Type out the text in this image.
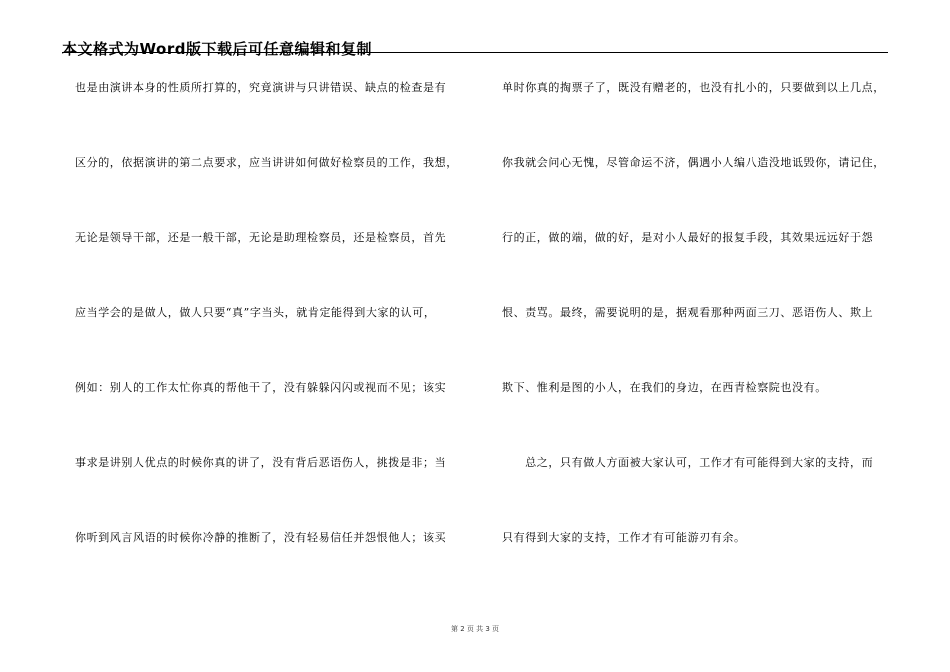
本文格式为Word版下载后可任意编辑和复制
也是由演讲本身的性质所打算的，究竟演讲与只讲错误、缺点的检查是有
区分的，依据演讲的第二点要求，应当讲讲如何做好检察员的工作，我想，
无论是领导干部，还是一般干部，无论是助理检察员，还是检察员，首先
应当学会的是做人，做人只要“真”字当头，就肯定能得到大家的认可，
例如：别人的工作太忙你真的帮他干了，没有躲躲闪闪或视而不见；该实
事求是讲别人优点的时候你真的讲了，没有背后恶语伤人，挑拨是非；当
你听到风言风语的时候你冷静的推断了，没有轻易信任并怨恨他人；该买
单时你真的掏票子了，既没有赠老的，也没有扎小的，只要做到以上几点，
你我就会问心无愧，尽管命运不济，偶遇小人编八造没地诋毁你，请记住，
行的正，做的端，做的好，是对小人最好的报复手段，其效果远远好于怨
恨、责骂。最终，需要说明的是，据观看那种两面三刀、恶语伤人、欺上
欺下、惟利是图的小人，在我们的身边，在西青检察院也没有。
　　总之，只有做人方面被大家认可，工作才有可能得到大家的支持，而
只有得到大家的支持，工作才有可能游刃有余。
第 2 页 共 3 页
